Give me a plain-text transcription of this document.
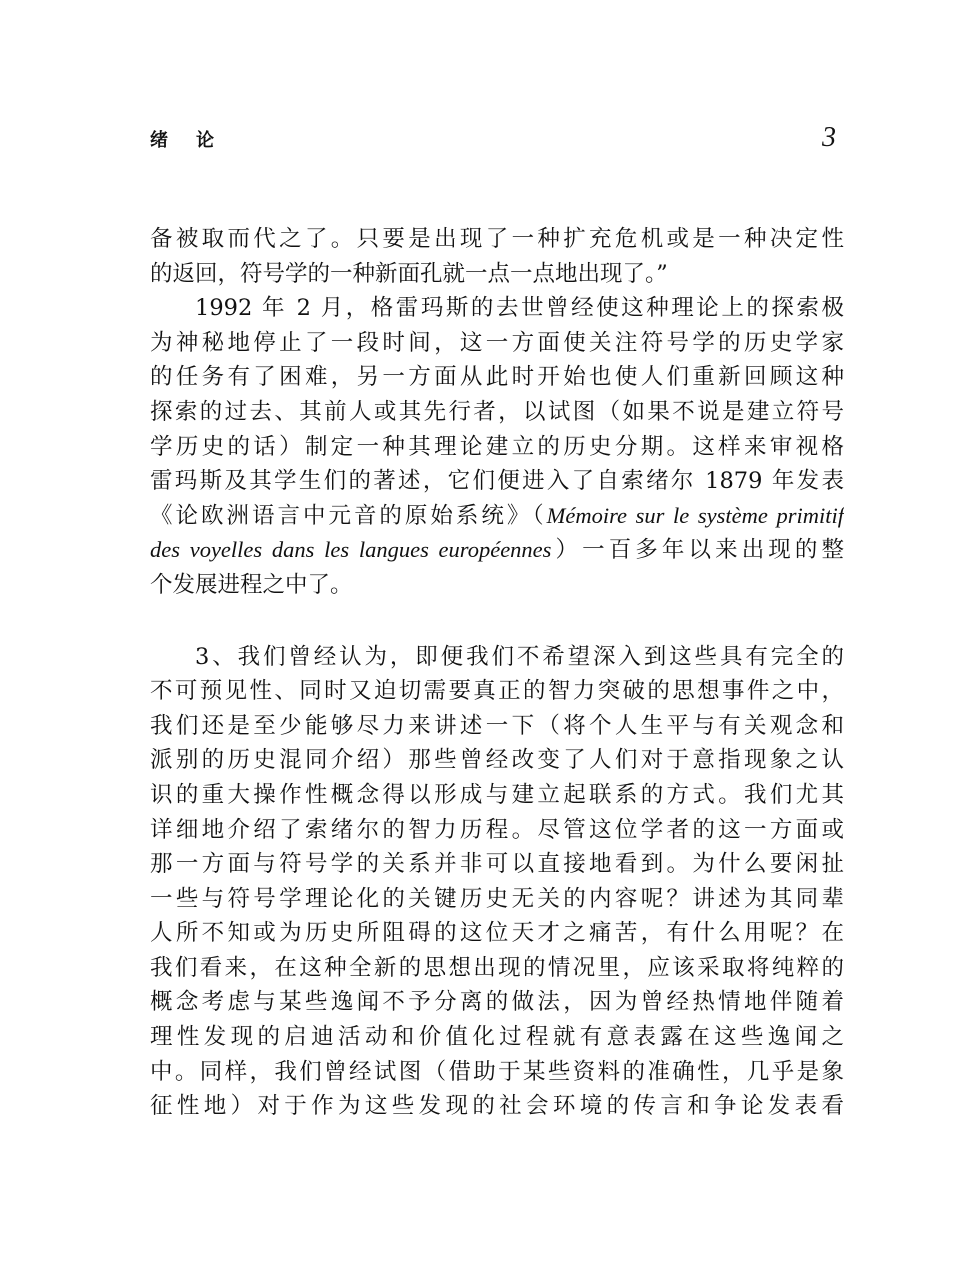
绪论	3
备被取而代之了。只要是出现了一种扩充危机或是一种决定性
的返回，符号学的一种新面孔就一点一点地出现了。”
1992 年 2 月，格雷玛斯的去世曾经使这种理论上的探索极
为神秘地停止了一段时间，这一方面使关注符号学的历史学家
的任务有了困难，另一方面从此时开始也使人们重新回顾这种
探索的过去、其前人或其先行者，以试图（如果不说是建立符号
学历史的话）制定一种其理论建立的历史分期。这样来审视格
雷玛斯及其学生们的著述，它们便进入了自索绪尔 1879 年发表
《论欧洲语言中元音的原始系统》（Mémoire sur le système primitif
des voyelles dans les langues européennes）一百多年以来出现的整
个发展进程之中了。
3、我们曾经认为，即便我们不希望深入到这些具有完全的
不可预见性、同时又迫切需要真正的智力突破的思想事件之中，
我们还是至少能够尽力来讲述一下（将个人生平与有关观念和
派别的历史混同介绍）那些曾经改变了人们对于意指现象之认
识的重大操作性概念得以形成与建立起联系的方式。我们尤其
详细地介绍了索绪尔的智力历程。尽管这位学者的这一方面或
那一方面与符号学的关系并非可以直接地看到。为什么要闲扯
一些与符号学理论化的关键历史无关的内容呢？讲述为其同辈
人所不知或为历史所阻碍的这位天才之痛苦，有什么用呢？在
我们看来，在这种全新的思想出现的情况里，应该采取将纯粹的
概念考虑与某些逸闻不予分离的做法，因为曾经热情地伴随着
理性发现的启迪活动和价值化过程就有意表露在这些逸闻之
中。同样，我们曾经试图（借助于某些资料的准确性，几乎是象
征性地）对于作为这些发现的社会环境的传言和争论发表看
